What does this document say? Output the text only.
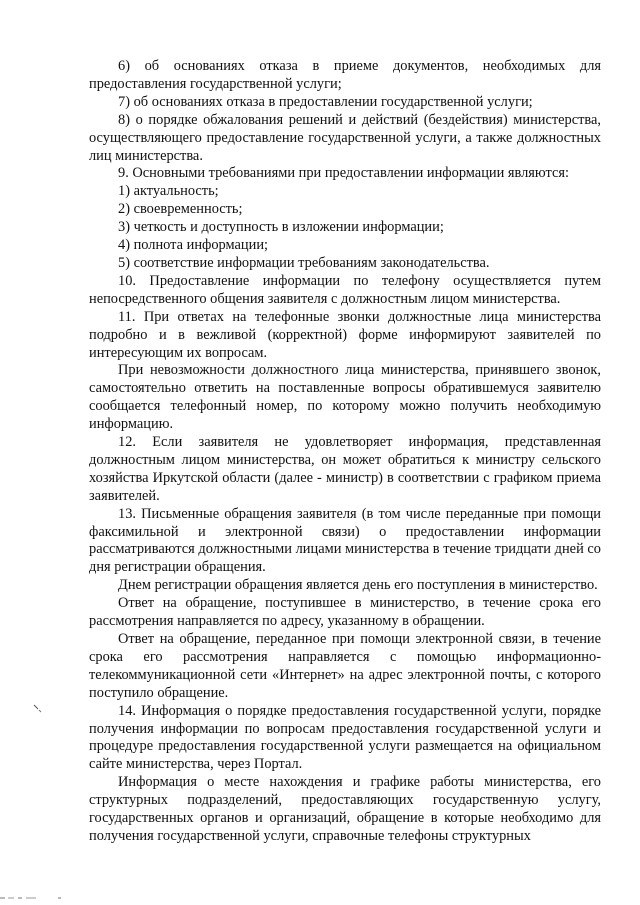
6) об основаниях отказа в приеме документов, необходимых для предоставления государственной услуги;

7) об основаниях отказа в предоставлении государственной услуги;

8) о порядке обжалования решений и действий (бездействия) министерства, осуществляющего предоставление государственной услуги, а также должностных лиц министерства.

9. Основными требованиями при предоставлении информации являются:

1) актуальность;

2) своевременность;

3) четкость и доступность в изложении информации;

4) полнота информации;

5) соответствие информации требованиям законодательства.

10. Предоставление информации по телефону осуществляется путем непосредственного общения заявителя с должностным лицом министерства.

11. При ответах на телефонные звонки должностные лица министерства подробно и в вежливой (корректной) форме информируют заявителей по интересующим их вопросам.

При невозможности должностного лица министерства, принявшего звонок, самостоятельно ответить на поставленные вопросы обратившемуся заявителю сообщается телефонный номер, по которому можно получить необходимую информацию.

12. Если заявителя не удовлетворяет информация, представленная должностным лицом министерства, он может обратиться к министру сельского хозяйства Иркутской области (далее - министр) в соответствии с графиком приема заявителей.

13. Письменные обращения заявителя (в том числе переданные при помощи факсимильной и электронной связи) о предоставлении информации рассматриваются должностными лицами министерства в течение тридцати дней со дня регистрации обращения.

Днем регистрации обращения является день его поступления в министерство.

Ответ на обращение, поступившее в министерство, в течение срока его рассмотрения направляется по адресу, указанному в обращении.

Ответ на обращение, переданное при помощи электронной связи, в течение срока его рассмотрения направляется с помощью информационно-телекоммуникационной сети «Интернет» на адрес электронной почты, с которого поступило обращение.

14. Информация о порядке предоставления государственной услуги, порядке получения информации по вопросам предоставления государственной услуги и процедуре предоставления государственной услуги размещается на официальном сайте министерства, через Портал.

Информация о месте нахождения и графике работы министерства, его структурных подразделений, предоставляющих государственную услугу, государственных органов и организаций, обращение в которые необходимо для получения государственной услуги, справочные телефоны структурных
